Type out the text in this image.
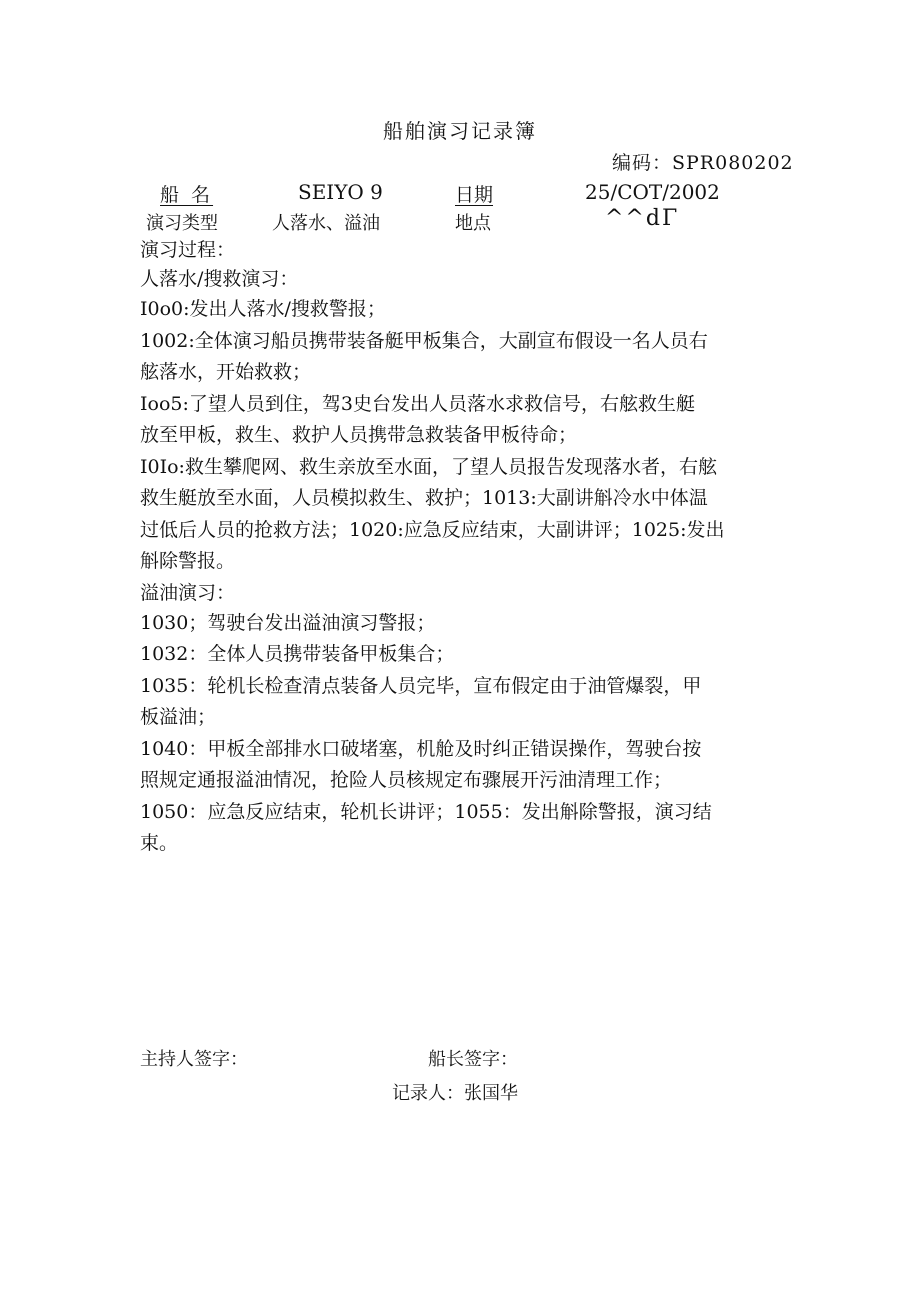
船舶演习记录簿
编码：SPR080202
船 名	SEIYO 9	日期	25/COT/2002
演习类型	人落水、溢油	地点	^^dΓ
演习过程：
人落水/搜救演习：
I0o0:发出人落水/搜救警报；
1002:全体演习船员携带装备艇甲板集合，大副宣布假设一名人员右
舷落水，开始救救；
Ioo5:了望人员到住，驾3史台发出人员落水求救信号，右舷救生艇
放至甲板，救生、救护人员携带急救装备甲板待命；
I0Io:救生攀爬网、救生亲放至水面，了望人员报告发现落水者，右舷
救生艇放至水面，人员模拟救生、救护；1013:大副讲斛冷水中体温
过低后人员的抢救方法；1020:应急反应结束，大副讲评；1025:发出
斛除警报。
溢油演习：
1030；驾驶台发出溢油演习警报；
1032：全体人员携带装备甲板集合；
1035：轮机长检查清点装备人员完毕，宣布假定由于油管爆裂，甲
板溢油；
1040：甲板全部排水口破堵塞，机舱及时纠正错误操作，驾驶台按
照规定通报溢油情况，抢险人员核规定布骤展开污油清理工作；
1050：应急反应结束，轮机长讲评；1055：发出斛除警报，演习结
束。
主持人签字：	船长签字：
记录人：张国华
